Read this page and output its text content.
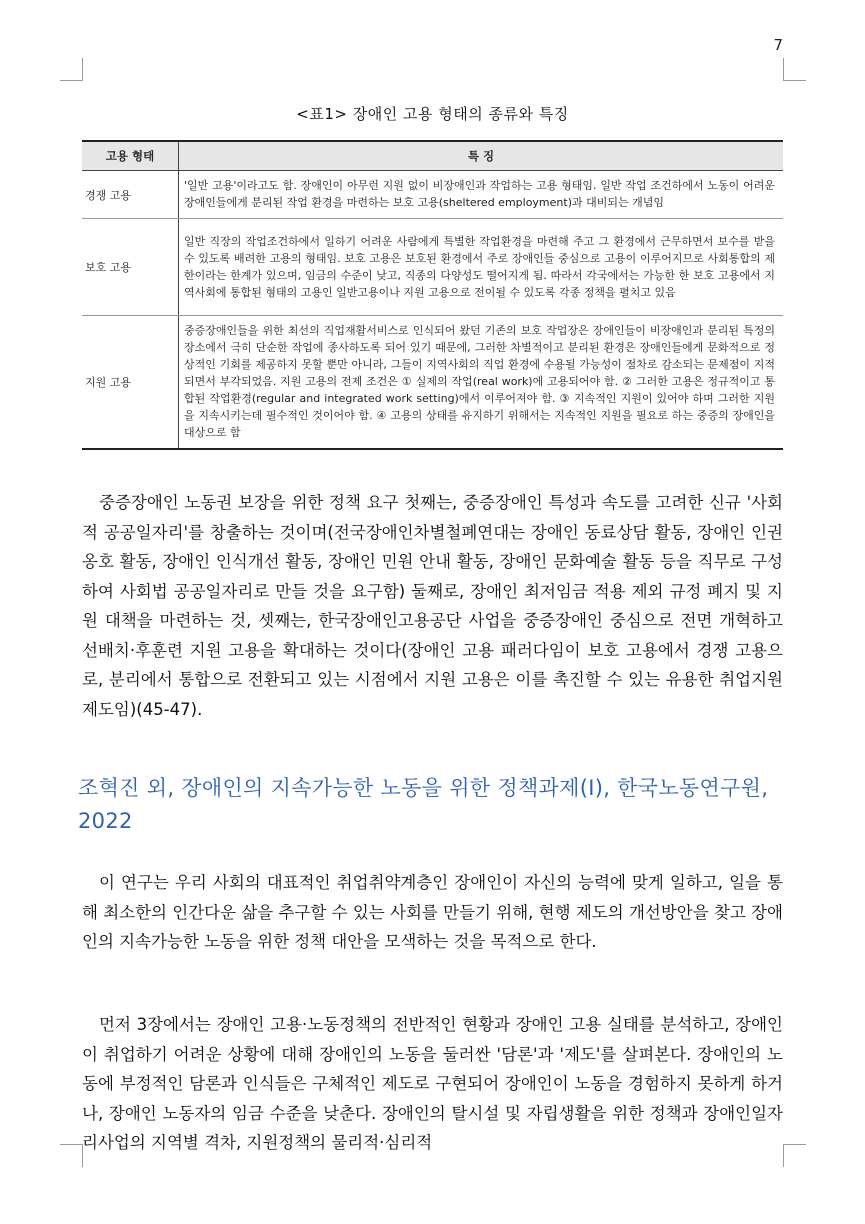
7
<표1> 장애인 고용 형태의 종류와 특징
고용 형태	특 징
경쟁 고용	'일반 고용'이라고도 함. 장애인이 아무런 지원 없이 비장애인과 작업하는 고용 형태임. 일반 작업 조건하에서 노동이 어려운 장애인들에게 분리된 작업 환경을 마련하는 보호 고용(sheltered employment)과 대비되는 개념임
보호 고용	일반 직장의 작업조건하에서 일하기 어려운 사람에게 특별한 작업환경을 마련해 주고 그 환경에서 근무하면서 보수를 받을 수 있도록 배려한 고용의 형태임. 보호 고용은 보호된 환경에서 주로 장애인들 중심으로 고용이 이루어지므로 사회통합의 제한이라는 한계가 있으며, 임금의 수준이 낮고, 직종의 다양성도 떨어지게 됨. 따라서 각국에서는 가능한 한 보호 고용에서 지역사회에 통합된 형태의 고용인 일반고용이나 지원 고용으로 전이될 수 있도록 각종 정책을 펼치고 있음
지원 고용	중증장애인들을 위한 최선의 직업재활서비스로 인식되어 왔던 기존의 보호 작업장은 장애인들이 비장애인과 분리된 특정의 장소에서 극히 단순한 작업에 종사하도록 되어 있기 때문에, 그러한 차별적이고 분리된 환경은 장애인들에게 문화적으로 정상적인 기회를 제공하지 못할 뿐만 아니라, 그들이 지역사회의 직업 환경에 수용될 가능성이 점차로 감소되는 문제점이 지적되면서 부각되었음. 지원 고용의 전제 조건은 ① 실제의 작업(real work)에 고용되어야 함. ② 그러한 고용은 정규적이고 통합된 작업환경(regular and integrated work setting)에서 이루어져야 함. ③ 지속적인 지원이 있어야 하며 그러한 지원을 지속시키는데 필수적인 것이어야 함. ④ 고용의 상태를 유지하기 위해서는 지속적인 지원을 필요로 하는 중증의 장애인을 대상으로 함
중증장애인 노동권 보장을 위한 정책 요구 첫째는, 중증장애인 특성과 속도를 고려한 신규 '사회적 공공일자리'를 창출하는 것이며(전국장애인차별철폐연대는 장애인 동료상담 활동, 장애인 인권옹호 활동, 장애인 인식개선 활동, 장애인 민원 안내 활동, 장애인 문화예술 활동 등을 직무로 구성하여 사회법 공공일자리로 만들 것을 요구함) 둘째로, 장애인 최저임금 적용 제외 규정 폐지 및 지원 대책을 마련하는 것, 셋째는, 한국장애인고용공단 사업을 중증장애인 중심으로 전면 개혁하고 선배치·후훈련 지원 고용을 확대하는 것이다(장애인 고용 패러다임이 보호 고용에서 경쟁 고용으로, 분리에서 통합으로 전환되고 있는 시점에서 지원 고용은 이를 촉진할 수 있는 유용한 취업지원 제도임)(45-47).
조혁진 외, 장애인의 지속가능한 노동을 위한 정책과제(I), 한국노동연구원, 2022
이 연구는 우리 사회의 대표적인 취업취약계층인 장애인이 자신의 능력에 맞게 일하고, 일을 통해 최소한의 인간다운 삶을 추구할 수 있는 사회를 만들기 위해, 현행 제도의 개선방안을 찾고 장애인의 지속가능한 노동을 위한 정책 대안을 모색하는 것을 목적으로 한다.
먼저 3장에서는 장애인 고용·노동정책의 전반적인 현황과 장애인 고용 실태를 분석하고, 장애인이 취업하기 어려운 상황에 대해 장애인의 노동을 둘러싼 '담론'과 '제도'를 살펴본다. 장애인의 노동에 부정적인 담론과 인식들은 구체적인 제도로 구현되어 장애인이 노동을 경험하지 못하게 하거나, 장애인 노동자의 임금 수준을 낮춘다. 장애인의 탈시설 및 자립생활을 위한 정책과 장애인일자리사업의 지역별 격차, 지원정책의 물리적·심리적
